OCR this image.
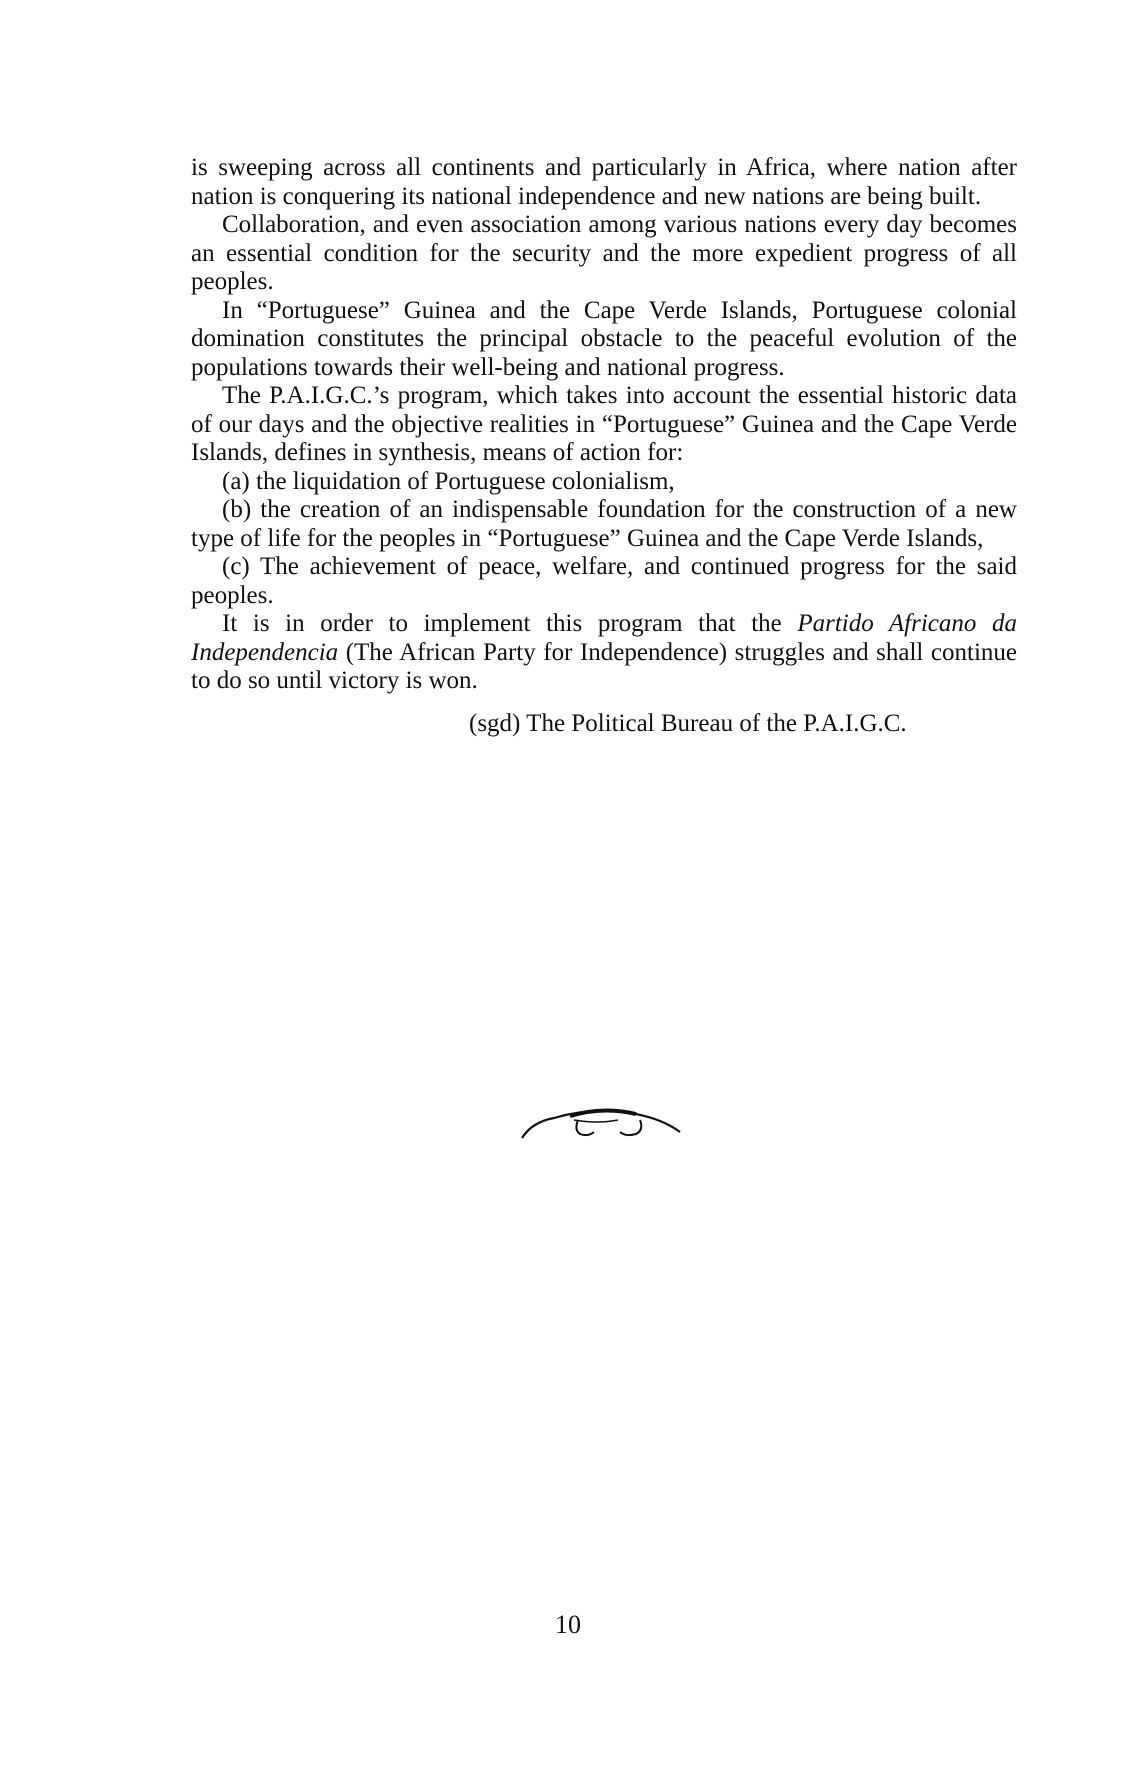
is sweeping across all continents and particularly in Africa, where nation after nation is conquering its national independence and new nations are being built.

Collaboration, and even association among various nations every day becomes an essential condition for the security and the more expedient progress of all peoples.

In “Portuguese” Guinea and the Cape Verde Islands, Portuguese colonial domination constitutes the principal obstacle to the peaceful evolution of the populations towards their well-being and national progress.

The P.A.I.G.C.’s program, which takes into account the essential historic data of our days and the objective realities in “Portuguese” Guinea and the Cape Verde Islands, defines in synthesis, means of action for:

(a) the liquidation of Portuguese colonialism,

(b) the creation of an indispensable foundation for the construction of a new type of life for the peoples in “Portuguese” Guinea and the Cape Verde Islands,

(c) The achievement of peace, welfare, and continued progress for the said peoples.

It is in order to implement this program that the Partido Africano da Independencia (The African Party for Independence) struggles and shall continue to do so until victory is won.

(sgd) The Political Bureau of the P.A.I.G.C.

10
